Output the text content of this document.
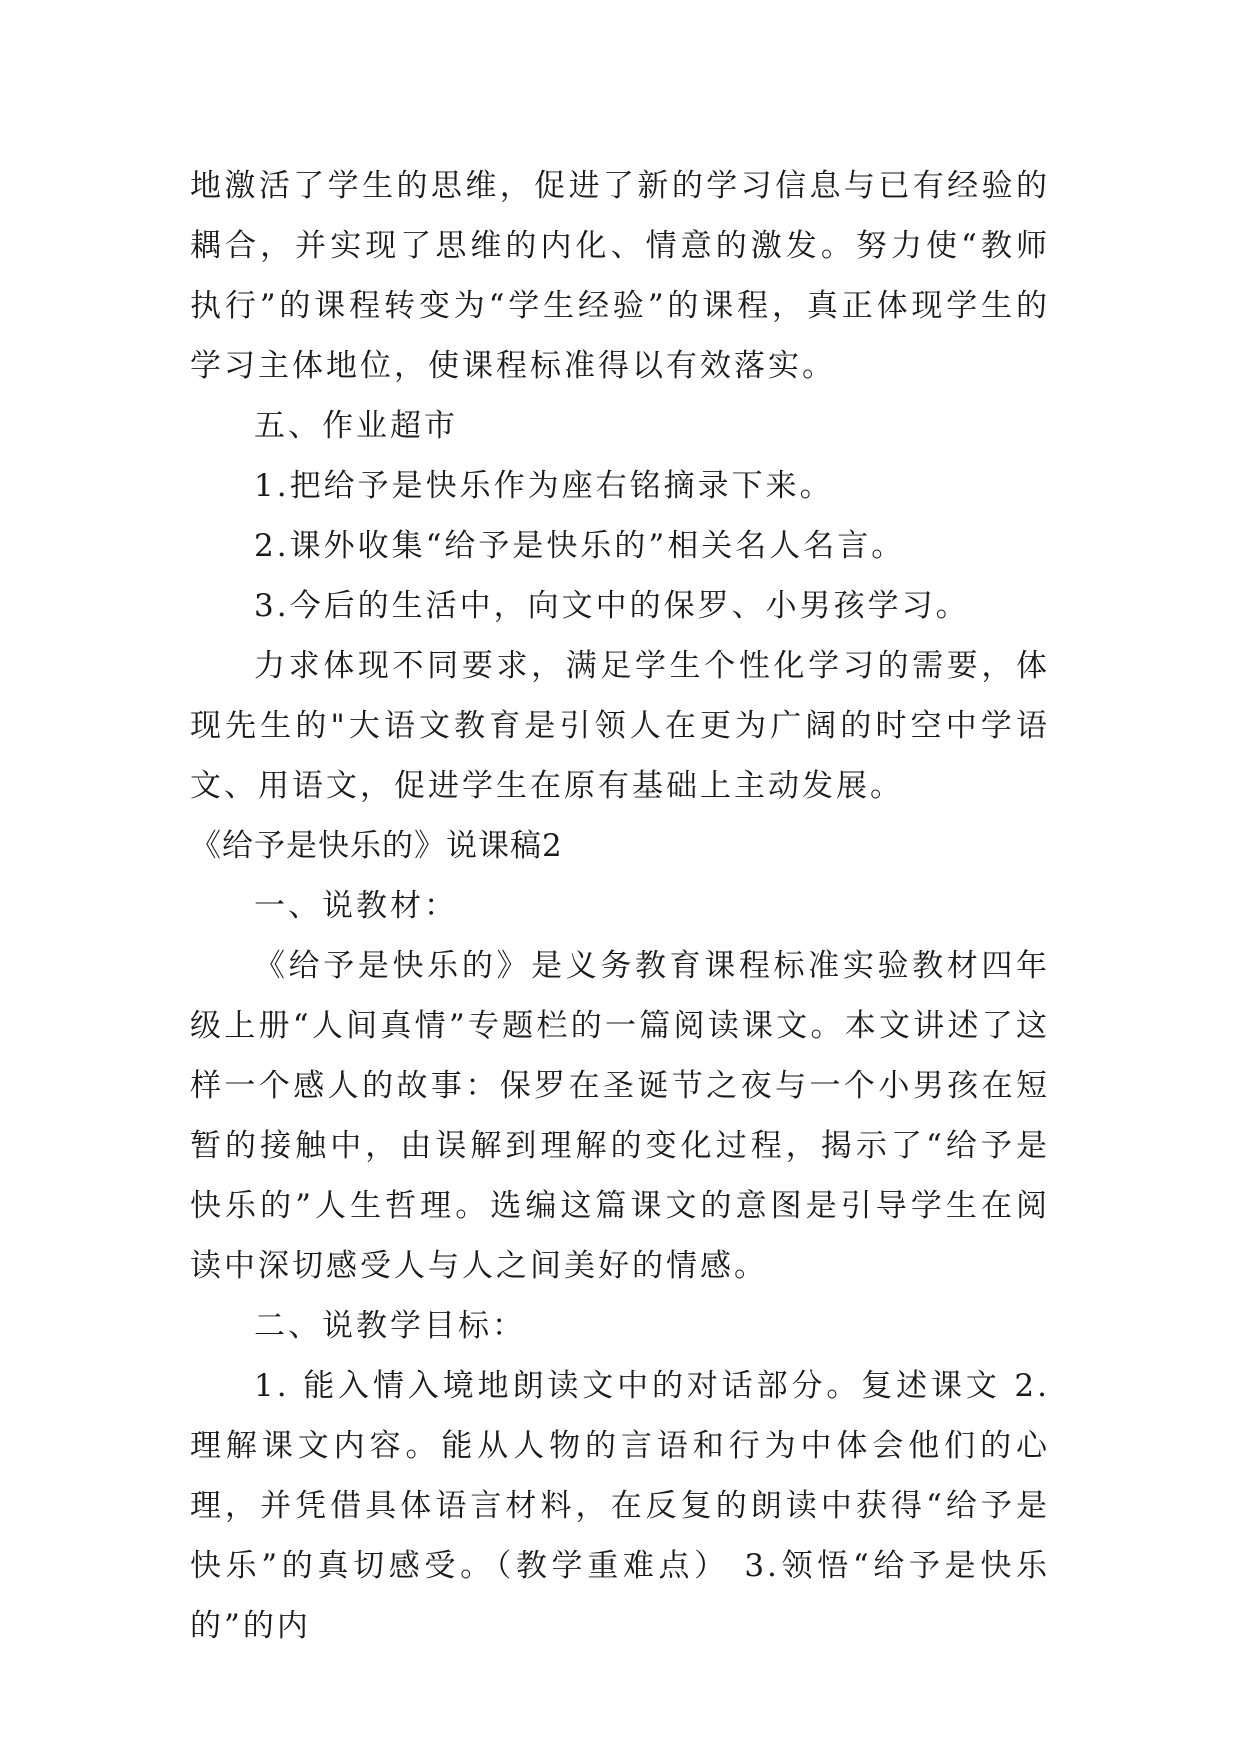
地激活了学生的思维，促进了新的学习信息与已有经验的耦合，并实现了思维的内化、情意的激发。努力使“教师执行”的课程转变为“学生经验”的课程，真正体现学生的学习主体地位，使课程标准得以有效落实。

五、作业超市

1.把给予是快乐作为座右铭摘录下来。

2.课外收集“给予是快乐的”相关名人名言。

3.今后的生活中，向文中的保罗、小男孩学习。

力求体现不同要求，满足学生个性化学习的需要，体现先生的"大语文教育是引领人在更为广阔的时空中学语文、用语文，促进学生在原有基础上主动发展。

《给予是快乐的》说课稿2

一、说教材：

《给予是快乐的》是义务教育课程标准实验教材四年级上册“人间真情”专题栏的一篇阅读课文。本文讲述了这样一个感人的故事：保罗在圣诞节之夜与一个小男孩在短暂的接触中，由误解到理解的变化过程，揭示了“给予是快乐的”人生哲理。选编这篇课文的意图是引导学生在阅读中深切感受人与人之间美好的情感。

二、说教学目标：

1. 能入情入境地朗读文中的对话部分。复述课文 2.理解课文内容。能从人物的言语和行为中体会他们的心理，并凭借具体语言材料，在反复的朗读中获得“给予是快乐”的真切感受。（教学重难点） 3.领悟“给予是快乐的”的内
